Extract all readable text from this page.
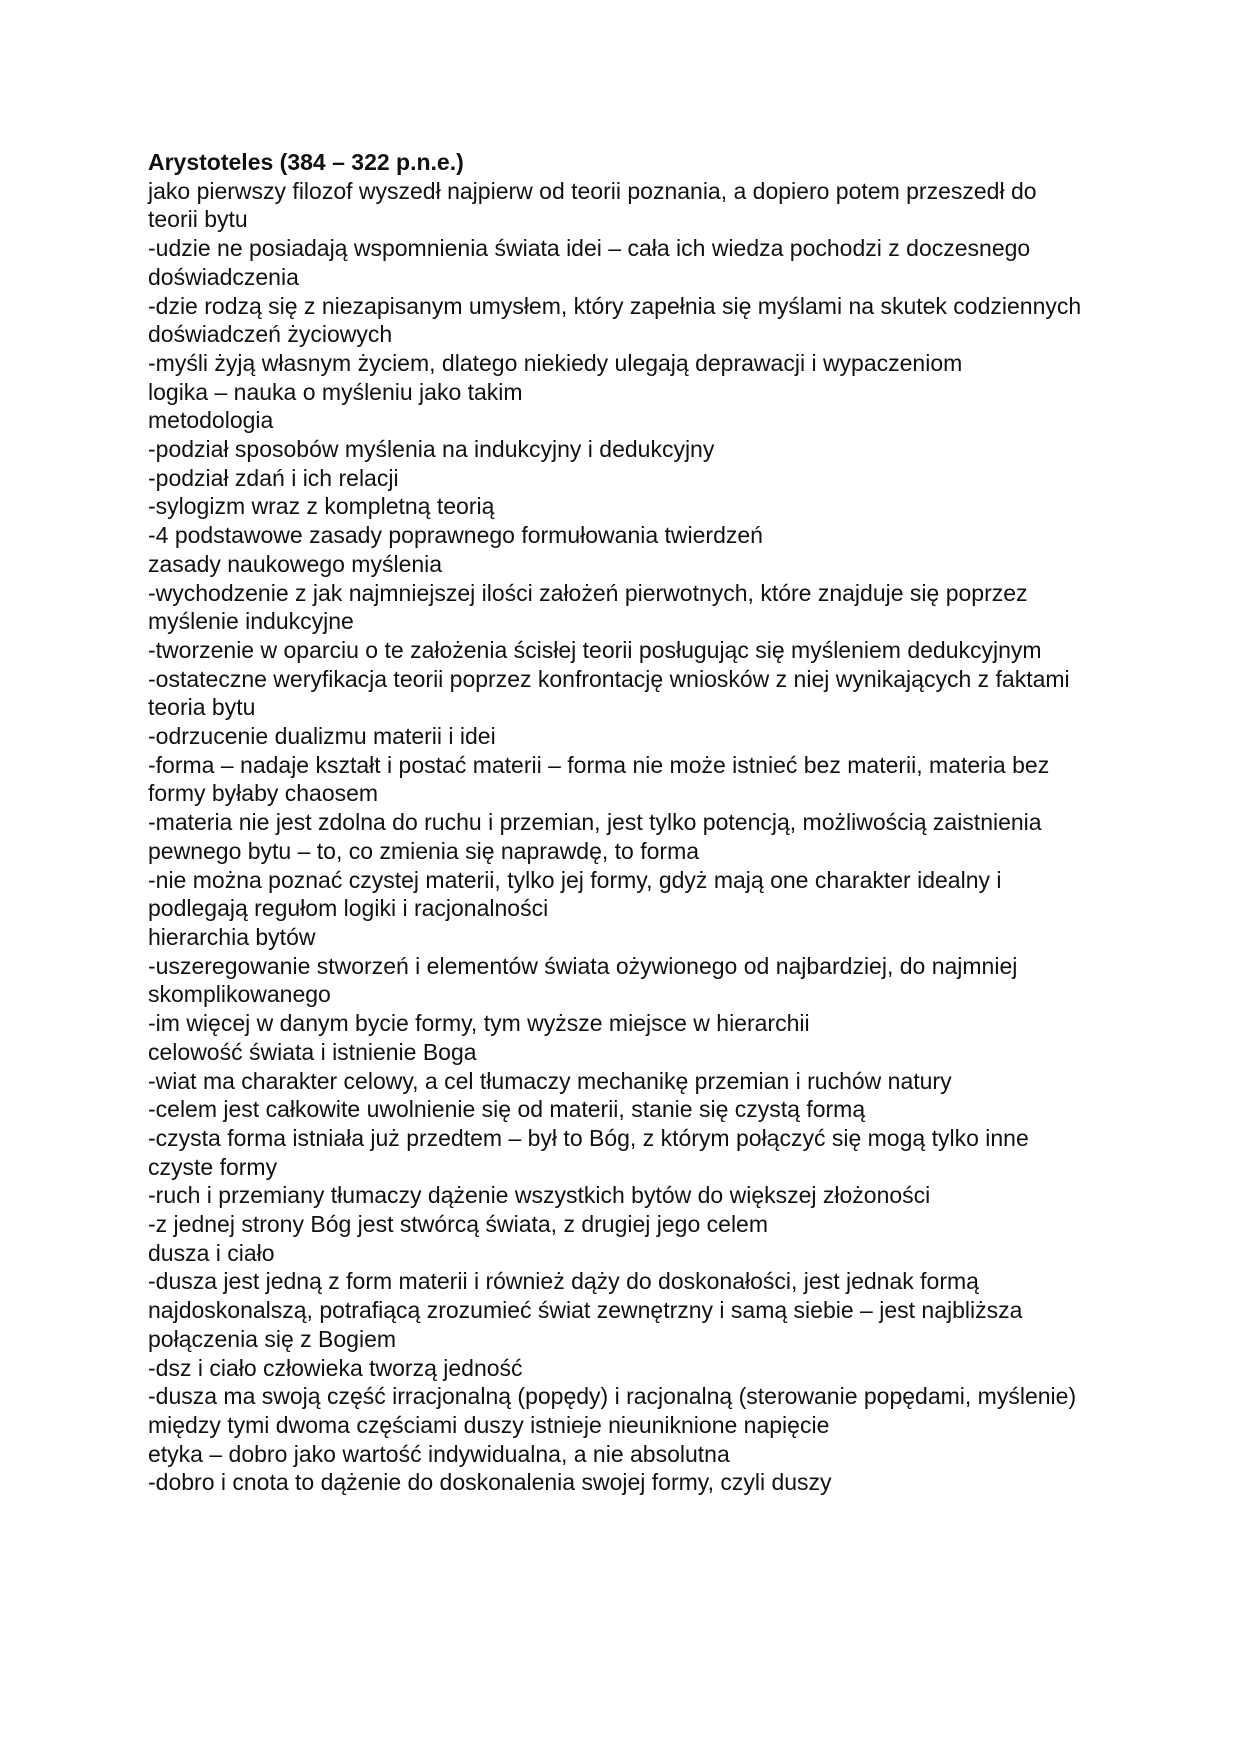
Arystoteles (384 – 322 p.n.e.)

jako pierwszy filozof wyszedł najpierw od teorii poznania, a dopiero potem przeszedł do teorii bytu

-udzie ne posiadają wspomnienia świata idei – cała ich wiedza pochodzi z doczesnego doświadczenia

-dzie rodzą się z niezapisanym umysłem, który zapełnia się myślami na skutek codziennych doświadczeń życiowych

-myśli żyją własnym życiem, dlatego niekiedy ulegają deprawacji i wypaczeniom

logika – nauka o myśleniu jako takim

metodologia

-podział sposobów myślenia na indukcyjny i dedukcyjny

-podział zdań i ich relacji

-sylogizm wraz z kompletną teorią

-4 podstawowe zasady poprawnego formułowania twierdzeń

zasady naukowego myślenia

-wychodzenie z jak najmniejszej ilości założeń pierwotnych, które znajduje się poprzez myślenie indukcyjne

-tworzenie w oparciu o te założenia ścisłej teorii posługując się myśleniem dedukcyjnym

-ostateczne weryfikacja teorii poprzez konfrontację wniosków z niej wynikających z faktami

teoria bytu

-odrzucenie dualizmu materii i idei

-forma – nadaje kształt i postać materii – forma nie może istnieć bez materii, materia bez formy byłaby chaosem

-materia nie jest zdolna do ruchu i przemian, jest tylko potencją, możliwością zaistnienia pewnego bytu – to, co zmienia się naprawdę, to forma

-nie można poznać czystej materii, tylko jej formy, gdyż mają one charakter idealny i podlegają regułom logiki i racjonalności

hierarchia bytów

-uszeregowanie stworzeń i elementów świata ożywionego od najbardziej, do najmniej skomplikowanego

-im więcej w danym bycie formy, tym wyższe miejsce w hierarchii

celowość świata i istnienie Boga

-wiat ma charakter celowy, a cel tłumaczy mechanikę przemian i ruchów natury

-celem jest całkowite uwolnienie się od materii, stanie się czystą formą

-czysta forma istniała już przedtem – był to Bóg, z którym połączyć się mogą tylko inne czyste formy

-ruch i przemiany tłumaczy dążenie wszystkich bytów do większej złożoności

-z jednej strony Bóg jest stwórcą świata, z drugiej jego celem

dusza i ciało

-dusza jest jedną z form materii i również dąży do doskonałości, jest jednak formą najdoskonalszą, potrafiącą zrozumieć świat zewnętrzny i samą siebie – jest najbliższa połączenia się z Bogiem

-dsz i ciało człowieka tworzą jedność

-dusza ma swoją część irracjonalną (popędy) i racjonalną (sterowanie popędami, myślenie)

między tymi dwoma częściami duszy istnieje nieuniknione napięcie

etyka – dobro jako wartość indywidualna, a nie absolutna

-dobro i cnota to dążenie do doskonalenia swojej formy, czyli duszy
